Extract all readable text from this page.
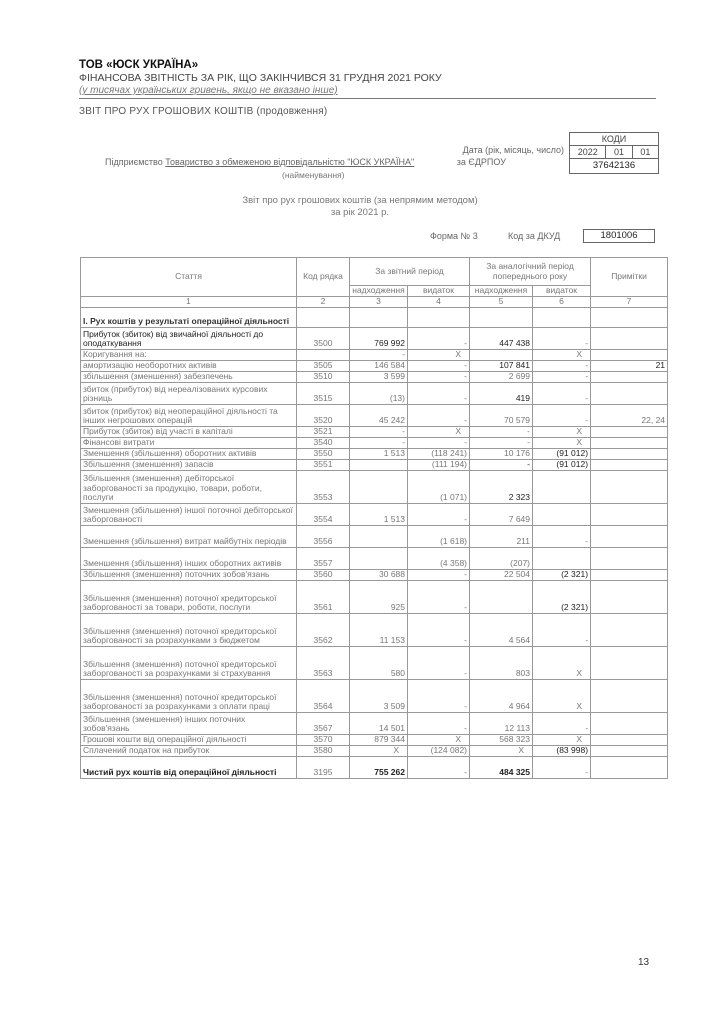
ТОВ «ЮСК УКРАЇНА»
ФІНАНСОВА ЗВІТНІСТЬ ЗА РІК, ЩО ЗАКІНЧИВСЯ 31 ГРУДНЯ 2021 РОКУ
(у тисячах українських гривень, якщо не вказано інше)
ЗВІТ ПРО РУХ ГРОШОВИХ КОШТІВ (продовження)
КОДИ
2022	01	01
37642136
Дата (рік, місяць, число)
Підприємство Товариство з обмеженою відповідальністю "ЮСК УКРАЇНА"	за ЄДРПОУ
(найменування)
Звіт про рух грошових коштів (за непрямим методом)
за рік 2021 р.
Форма № 3	Код за ДКУД	1801006
Стаття	Код рядка	За звітний період		За аналогічний період попереднього року		Примітки
		надходження	видаток	надходження	видаток	
1	2	3	4	5	6	7
I. Рух коштів у результаті операційної діяльності						
Прибуток (збиток) від звичайної діяльності до оподаткування	3500	769 992	-	447 438	-	
Коригування на:		-	X		X	
амортизацію необоротних активів	3505	146 584	-	107 841	-	21
збільшення (зменшення) забезпечень	3510	3 599	-	2 699	-	
збиток (прибуток) від нереалізованих курсових різниць	3515	(13)	-	419	-	
збиток (прибуток) від неопераційної діяльності та інших негрошових операцій	3520	45 242	-	70 579	-	22, 24
Прибуток (збиток) від участі в капіталі	3521	-	X	-	X	
Фінансові витрати	3540	-	-	-	X	
Зменшення (збільшення) оборотних активів	3550	1 513	(118 241)	10 176	(91 012)	
Збільшення (зменшення) запасів	3551		(111 194)	-	(91 012)	
Збільшення (зменшення) дебіторської заборгованості за продукцію, товари, роботи, послуги	3553		(1 071)	2 323		
Зменшення (збільшення) іншої поточної дебіторської заборгованості	3554	1 513	-	7 649		
Зменшення (збільшення) витрат майбутніх періодів	3556		(1 618)	211	-	
Зменшення (збільшення) інших оборотних активів	3557		(4 358)	(207)		
Збільшення (зменшення) поточних зобов'язань	3560	30 688	-	22 504	(2 321)	
Збільшення (зменшення) поточної кредиторської заборгованості за товари, роботи, послуги	3561	925	-		(2 321)	
Збільшення (зменшення) поточної кредиторської заборгованості за розрахунками з бюджетом	3562	11 153	-	4 564	-	
Збільшення (зменшення) поточної кредиторської заборгованості за розрахунками зі страхування	3563	580	-	803	X	
Збільшення (зменшення) поточної кредиторської заборгованості за розрахунками з оплати праці	3564	3 509	-	4 964	X	
Збільшення (зменшення) інших поточних зобов'язань	3567	14 501	-	12 113	-	
Грошові кошти від операційної діяльності	3570	879 344	X	568 323	X	
Сплачений податок на прибуток	3580	X	(124 082)	X	(83 998)	
Чистий рух коштів від операційної діяльності	3195	755 262	-	484 325	-	
13
